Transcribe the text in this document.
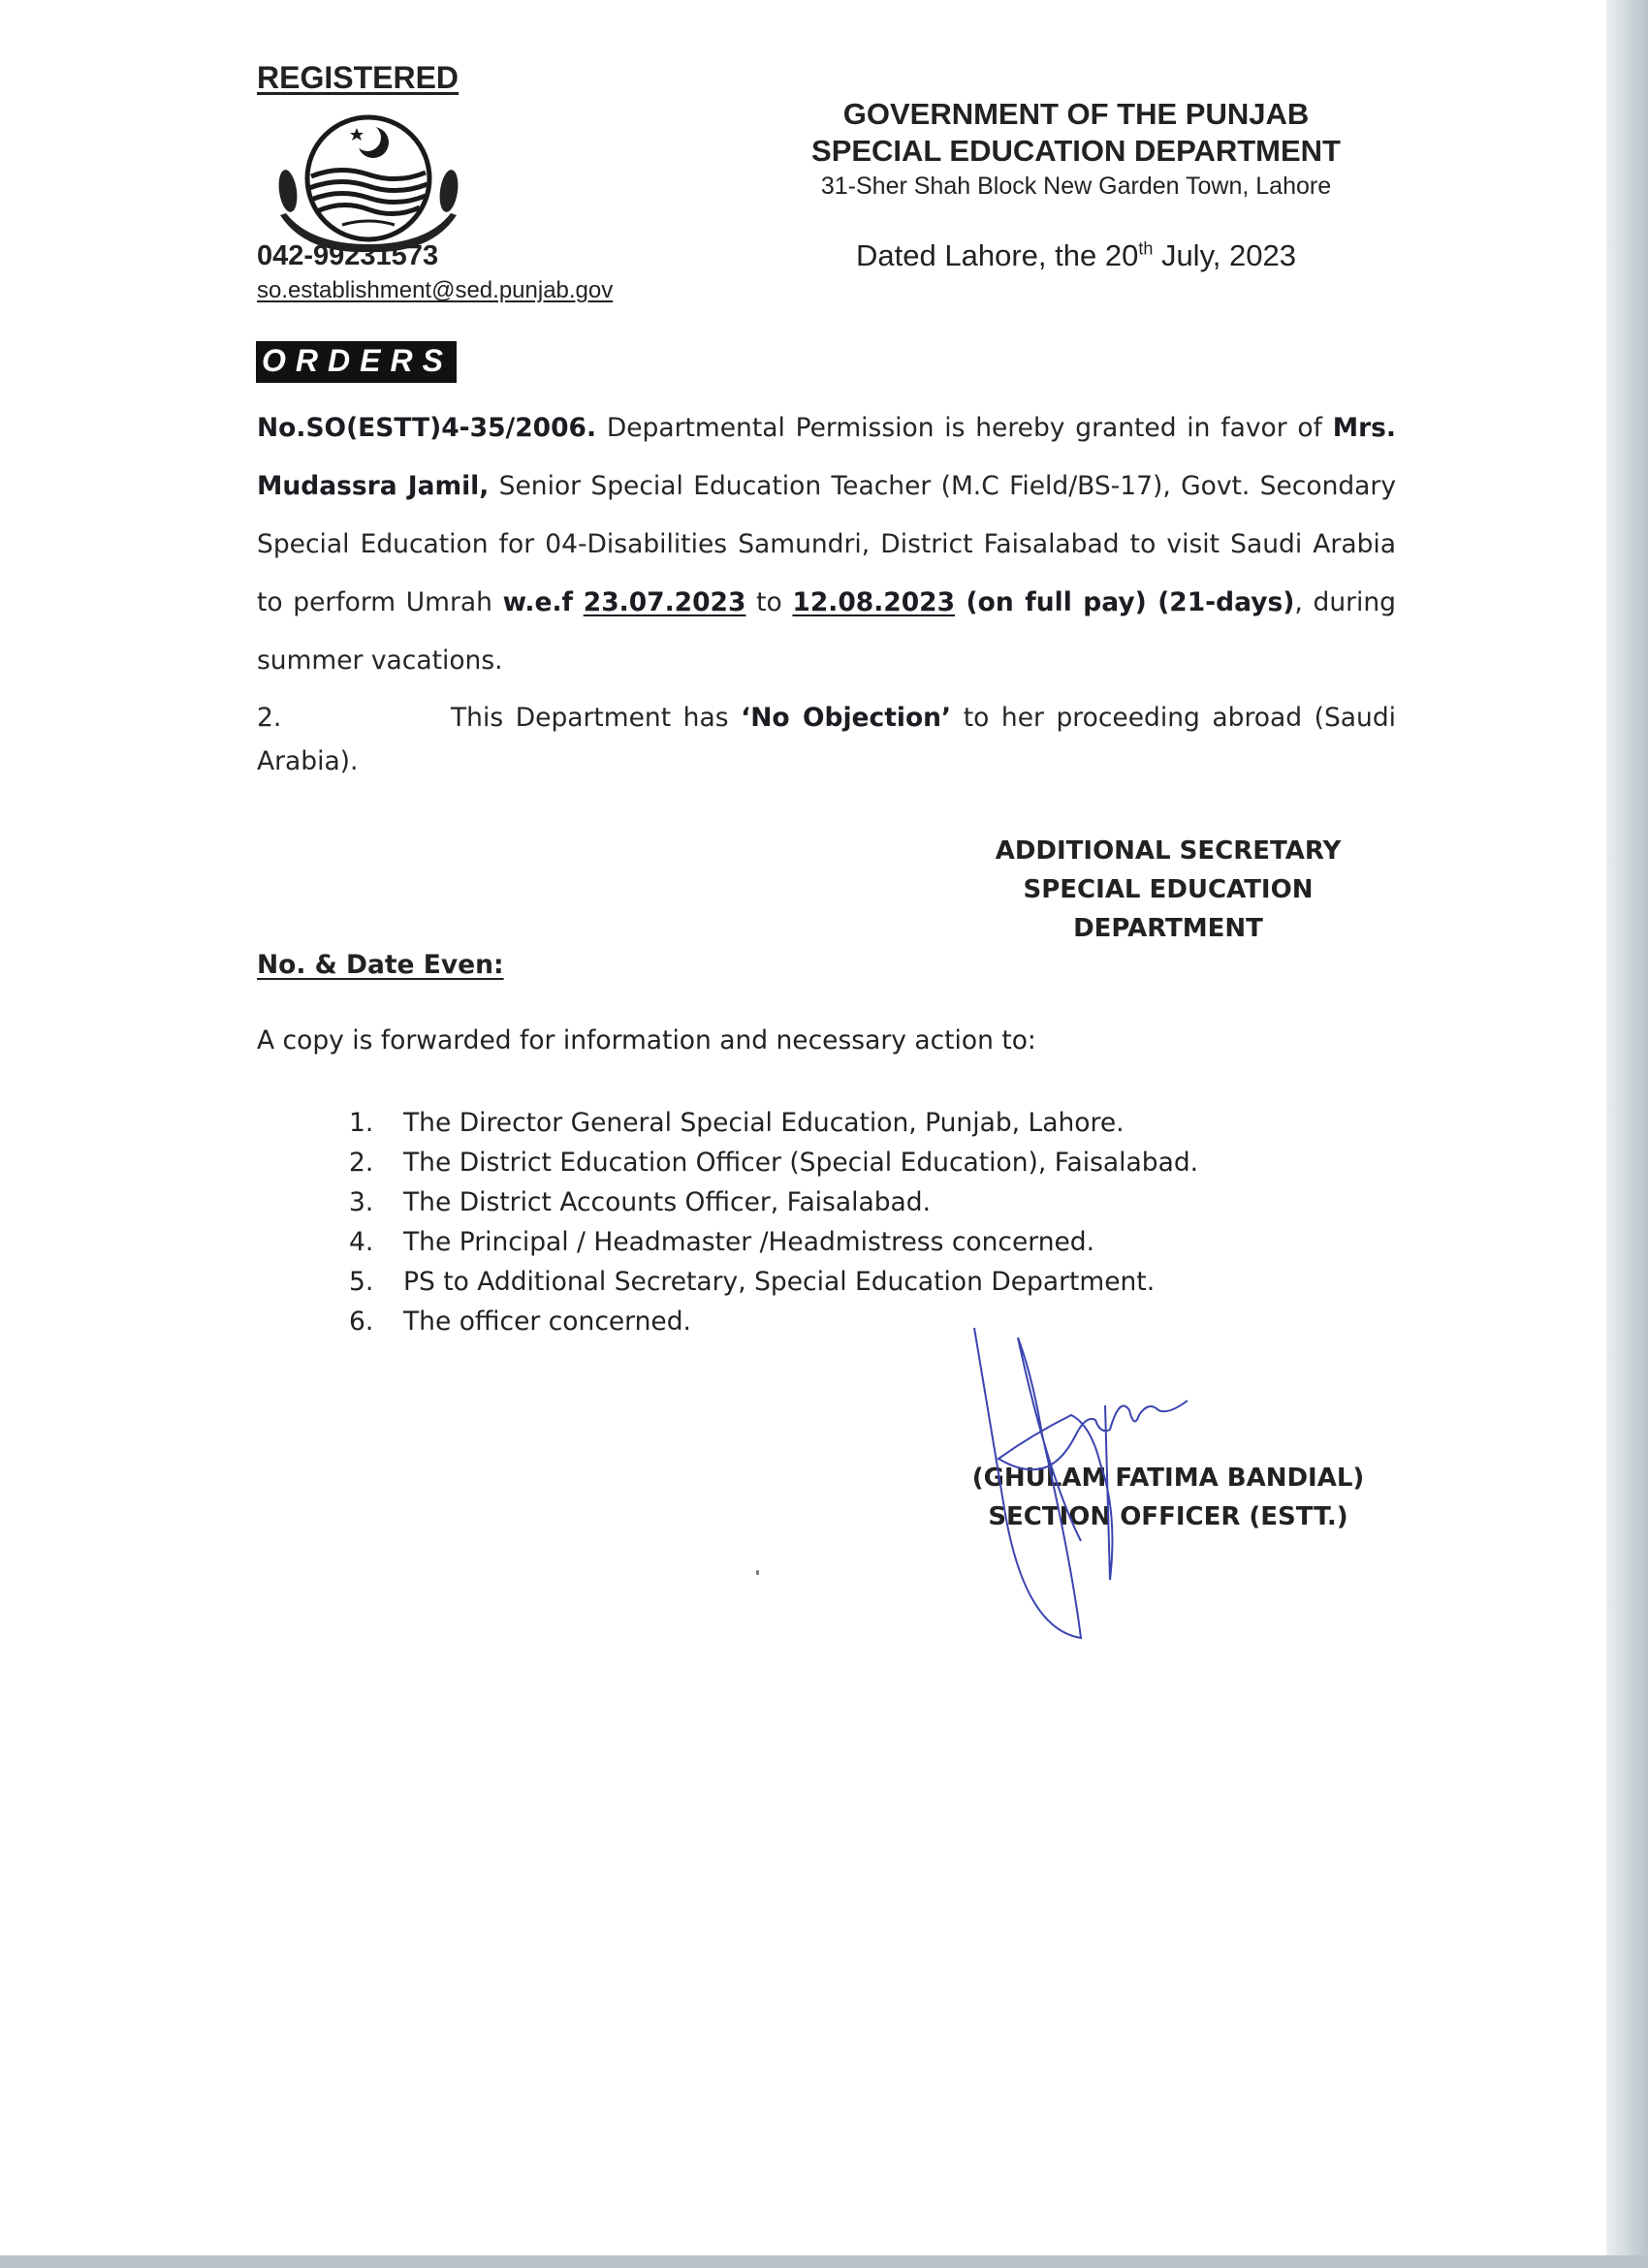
REGISTERED
042-99231573
so.establishment@sed.punjab.gov
GOVERNMENT OF THE PUNJAB
SPECIAL EDUCATION DEPARTMENT
31-Sher Shah Block New Garden Town, Lahore
Dated Lahore, the 20th July, 2023
ORDERS
No.SO(ESTT)4-35/2006. Departmental Permission is hereby granted in favor of Mrs. Mudassra Jamil, Senior Special Education Teacher (M.C Field/BS-17), Govt. Secondary Special Education for 04-Disabilities Samundri, District Faisalabad to visit Saudi Arabia to perform Umrah w.e.f 23.07.2023 to 12.08.2023 (on full pay) (21-days), during summer vacations.
2.	This Department has ‘No Objection’ to her proceeding abroad (Saudi Arabia).
ADDITIONAL SECRETARY
SPECIAL EDUCATION
DEPARTMENT
No. & Date Even:
A copy is forwarded for information and necessary action to:
1.	The Director General Special Education, Punjab, Lahore.
2.	The District Education Officer (Special Education), Faisalabad.
3.	The District Accounts Officer, Faisalabad.
4.	The Principal / Headmaster /Headmistress concerned.
5.	PS to Additional Secretary, Special Education Department.
6.	The officer concerned.
(GHULAM FATIMA BANDIAL)
SECTION OFFICER (ESTT.)
